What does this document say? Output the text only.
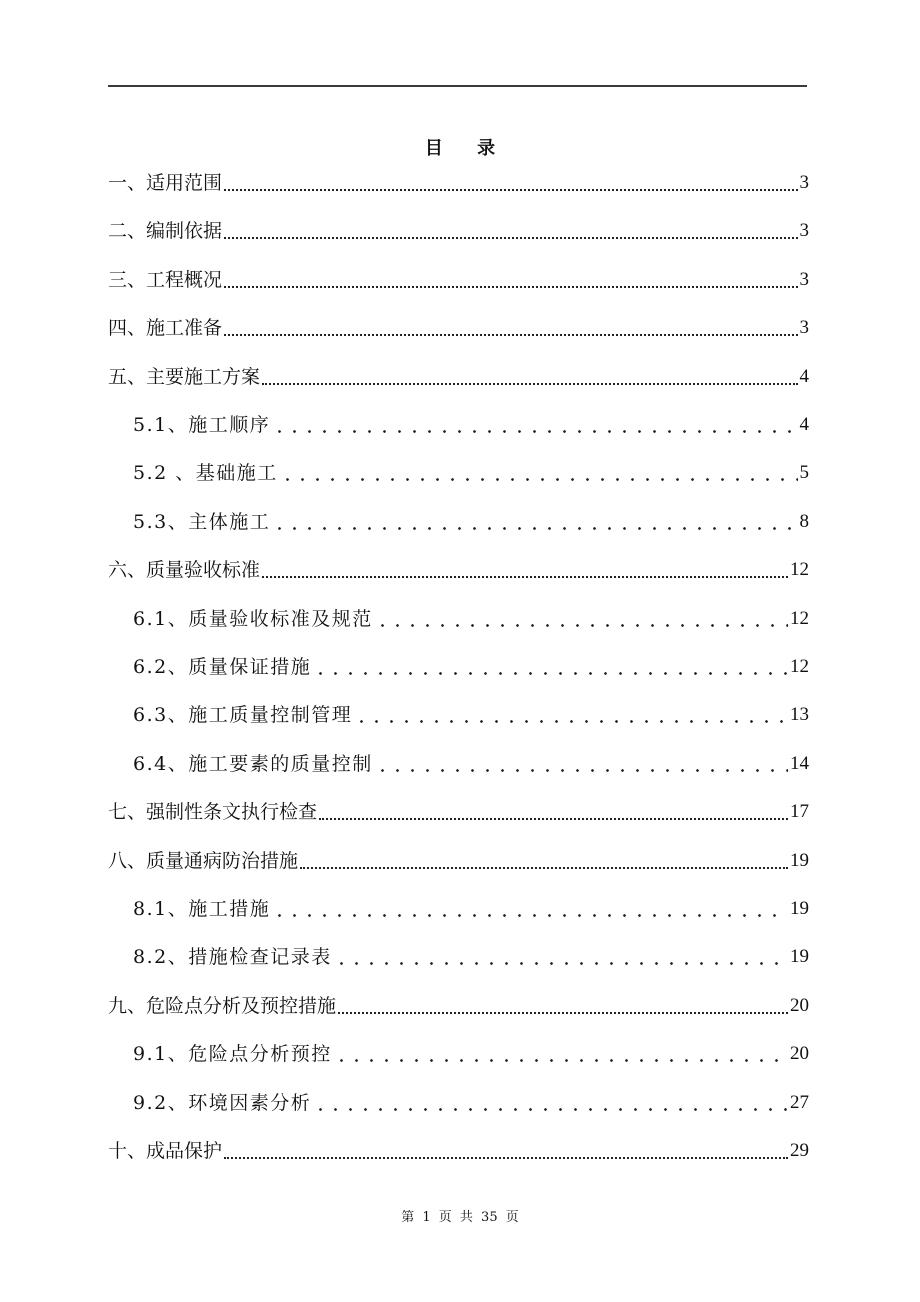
目 录
一、适用范围	3
二、编制依据	3
三、工程概况	3
四、施工准备	3
五、主要施工方案	4
5.1、施工顺序	4
5.2 、基础施工	5
5.3、主体施工	8
六、质量验收标准	12
6.1、质量验收标准及规范	12
6.2、质量保证措施	12
6.3、施工质量控制管理	13
6.4、施工要素的质量控制	14
七、强制性条文执行检查	17
八、质量通病防治措施	19
8.1、施工措施	19
8.2、措施检查记录表	19
九、危险点分析及预控措施	20
9.1、危险点分析预控	20
9.2、环境因素分析	27
十、成品保护	29
第 1 页 共 35 页
